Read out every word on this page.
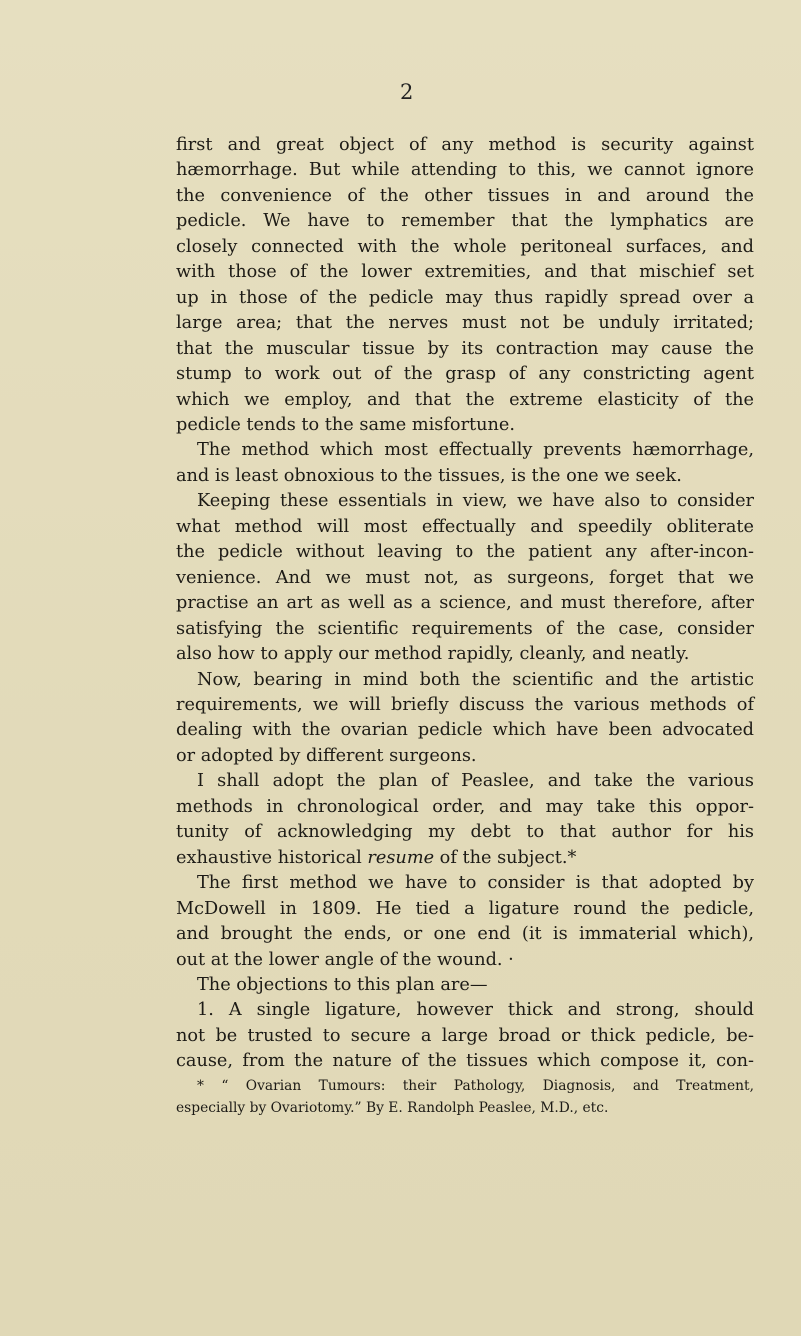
2
first and great object of any method is security against
hæmorrhage. But while attending to this, we cannot ignore
the convenience of the other tissues in and around the
pedicle. We have to remember that the lymphatics are
closely connected with the whole peritoneal surfaces, and
with those of the lower extremities, and that mischief set
up in those of the pedicle may thus rapidly spread over a
large area; that the nerves must not be unduly irritated;
that the muscular tissue by its contraction may cause the
stump to work out of the grasp of any constricting agent
which we employ, and that the extreme elasticity of the
pedicle tends to the same misfortune.
The method which most effectually prevents hæmorrhage,
and is least obnoxious to the tissues, is the one we seek.
Keeping these essentials in view, we have also to consider
what method will most effectually and speedily obliterate
the pedicle without leaving to the patient any after-incon-
venience. And we must not, as surgeons, forget that we
practise an art as well as a science, and must therefore, after
satisfying the scientific requirements of the case, consider
also how to apply our method rapidly, cleanly, and neatly.
Now, bearing in mind both the scientific and the artistic
requirements, we will briefly discuss the various methods of
dealing with the ovarian pedicle which have been advocated
or adopted by different surgeons.
I shall adopt the plan of Peaslee, and take the various
methods in chronological order, and may take this oppor-
tunity of acknowledging my debt to that author for his
exhaustive historical resume of the subject.*
The first method we have to consider is that adopted by
McDowell in 1809. He tied a ligature round the pedicle,
and brought the ends, or one end (it is immaterial which),
out at the lower angle of the wound. ·
The objections to this plan are—
1. A single ligature, however thick and strong, should
not be trusted to secure a large broad or thick pedicle, be-
cause, from the nature of the tissues which compose it, con-
* “ Ovarian Tumours: their Pathology, Diagnosis, and Treatment,
especially by Ovariotomy.” By E. Randolph Peaslee, M.D., etc.
